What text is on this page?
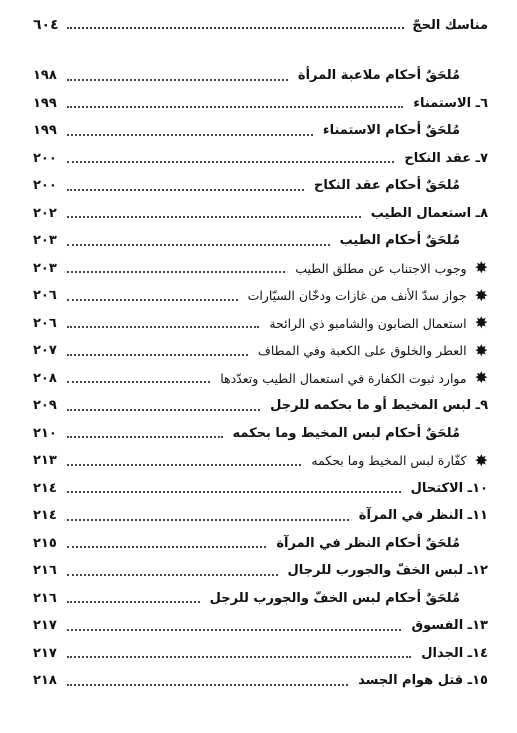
مناسك الحجّ
٦٠٤
مُلحَقٌ أحكام ملاعبة المرأة
١٩٨
٦ـ الاستمناء
١٩٩
مُلحَقٌ أحكام الاستمناء
١٩٩
٧ـ عقد النكاح
٢٠٠
مُلحَقٌ أحكام عقد النكاح
٢٠٠
٨ـ استعمال الطيب
٢٠٢
مُلحَقٌ أحكام الطيب
٢٠٣
✸
وجوب الاجتناب عن مطلق الطيب
٢٠٣
✸
جواز سدّ الأنف من غازات ودخّان السيّارات
٢٠٦
✸
استعمال الصابون والشامبو ذي الرائحة
٢٠٦
✸
العطر والخلوق على الكعبة وفي المطاف
٢٠٧
✸
موارد ثبوت الكفارة في استعمال الطيب وتعدّدها
٢٠٨
٩ـ لبس المخيط أو ما بحكمه للرجل
٢٠٩
مُلحَقٌ أحكام لبس المخيط وما بحكمه
٢١٠
✸
كفّارة لبس المخيط وما بحكمه
٢١٣
١٠ـ الاكتحال
٢١٤
١١ـ النظر في المرآة
٢١٤
مُلحَقٌ أحكام النظر في المرآة
٢١٥
١٢ـ لبس الخفّ والجورب للرجال
٢١٦
مُلحَقٌ أحكام لبس الخفّ والجورب للرجل
٢١٦
١٣ـ الفسوق
٢١٧
١٤ـ الجدال
٢١٧
١٥ـ قتل هوام الجسد
٢١٨
